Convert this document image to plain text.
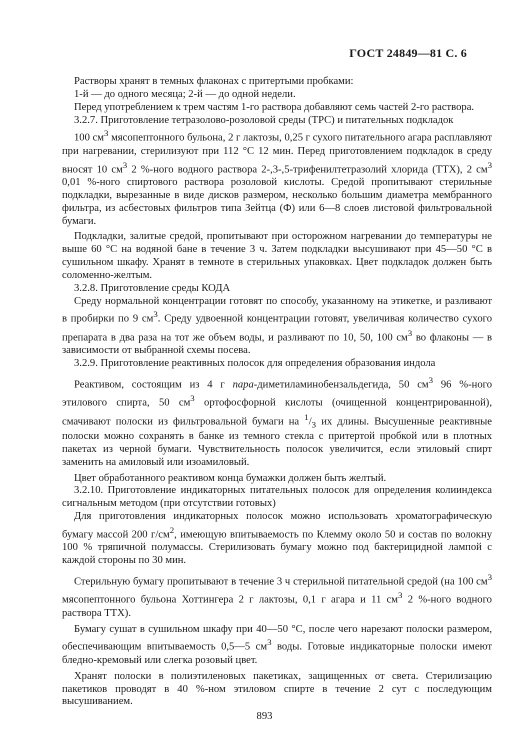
ГОСТ 24849—81 С. 6

Растворы хранят в темных флаконах с притертыми пробками:

1-й — до одного месяца; 2-й — до одной недели.

Перед употреблением к трем частям 1-го раствора добавляют семь частей 2-го раствора.

3.2.7. Приготовление тетразолово-розоловой среды (ТРС) и питательных подкладок

100 $см^3$ мясопептонного бульона, 2 г лактозы, 0,25 г сухого питательного агара расплавляют при нагревании, стерилизуют при 112 °С 12 мин. Перед приготовлением подкладок в среду вносят 10 $см^3$ 2 %-ного водного раствора 2-,3-,5-трифенилтетразолий хлорида (ТТХ), 2 $см^3$ 0,01 %-ного спиртового раствора розоловой кислоты. Средой пропитывают стерильные подкладки, вырезанные в виде дисков размером, несколько большим диаметра мембранного фильтра, из асбестовых фильтров типа Зейтца (Ф) или 6—8 слоев листовой фильтровальной бумаги.

Подкладки, залитые средой, пропитывают при осторожном нагревании до температуры не выше 60 °С на водяной бане в течение 3 ч. Затем подкладки высушивают при 45—50 °С в сушильном шкафу. Хранят в темноте в стерильных упаковках. Цвет подкладок должен быть соломенно-желтым.

3.2.8. Приготовление среды КОДА

Среду нормальной концентрации готовят по способу, указанному на этикетке, и разливают в пробирки по 9 $см^3$. Среду удвоенной концентрации готовят, увеличивая количество сухого препарата в два раза на тот же объем воды, и разливают по 10, 50, 100 $см^3$ во флаконы — в зависимости от выбранной схемы посева.

3.2.9. Приготовление реактивных полосок для определения образования индола

Реактивом, состоящим из 4 г пара-диметиламинобензальдегида, 50 $см^3$ 96 %-ного этилового спирта, 50 $см^3$ ортофосфорной кислоты (очищенной концентрированной), смачивают полоски из фильтровальной бумаги на $^1/_3$ их длины. Высушенные реактивные полоски можно сохранять в банке из темного стекла с притертой пробкой или в плотных пакетах из черной бумаги. Чувствительность полосок увеличится, если этиловый спирт заменить на амиловый или изоамиловый.

Цвет обработанного реактивом конца бумажки должен быть желтый.

3.2.10. Приготовление индикаторных питательных полосок для определения колииндекса сигнальным методом (при отсутствии готовых)

Для приготовления индикаторных полосок можно использовать хроматографическую бумагу массой 200 $г/см^2$, имеющую впитываемость по Клемму около 50 и состав по волокну 100 % тряпичной полумассы. Стерилизовать бумагу можно под бактерицидной лампой с каждой стороны по 30 мин.

Стерильную бумагу пропитывают в течение 3 ч стерильной питательной средой (на 100 $см^3$ мясопептонного бульона Хоттингера 2 г лактозы, 0,1 г агара и 11 $см^3$ 2 %-ного водного раствора ТТХ).

Бумагу сушат в сушильном шкафу при 40—50 °С, после чего нарезают полоски размером, обеспечивающим впитываемость 0,5—5 $см^3$ воды. Готовые индикаторные полоски имеют бледно-кремовый или слегка розовый цвет.

Хранят полоски в полиэтиленовых пакетиках, защищенных от света. Стерилизацию пакетиков проводят в 40 %-ном этиловом спирте в течение 2 сут с последующим высушиванием.

893
